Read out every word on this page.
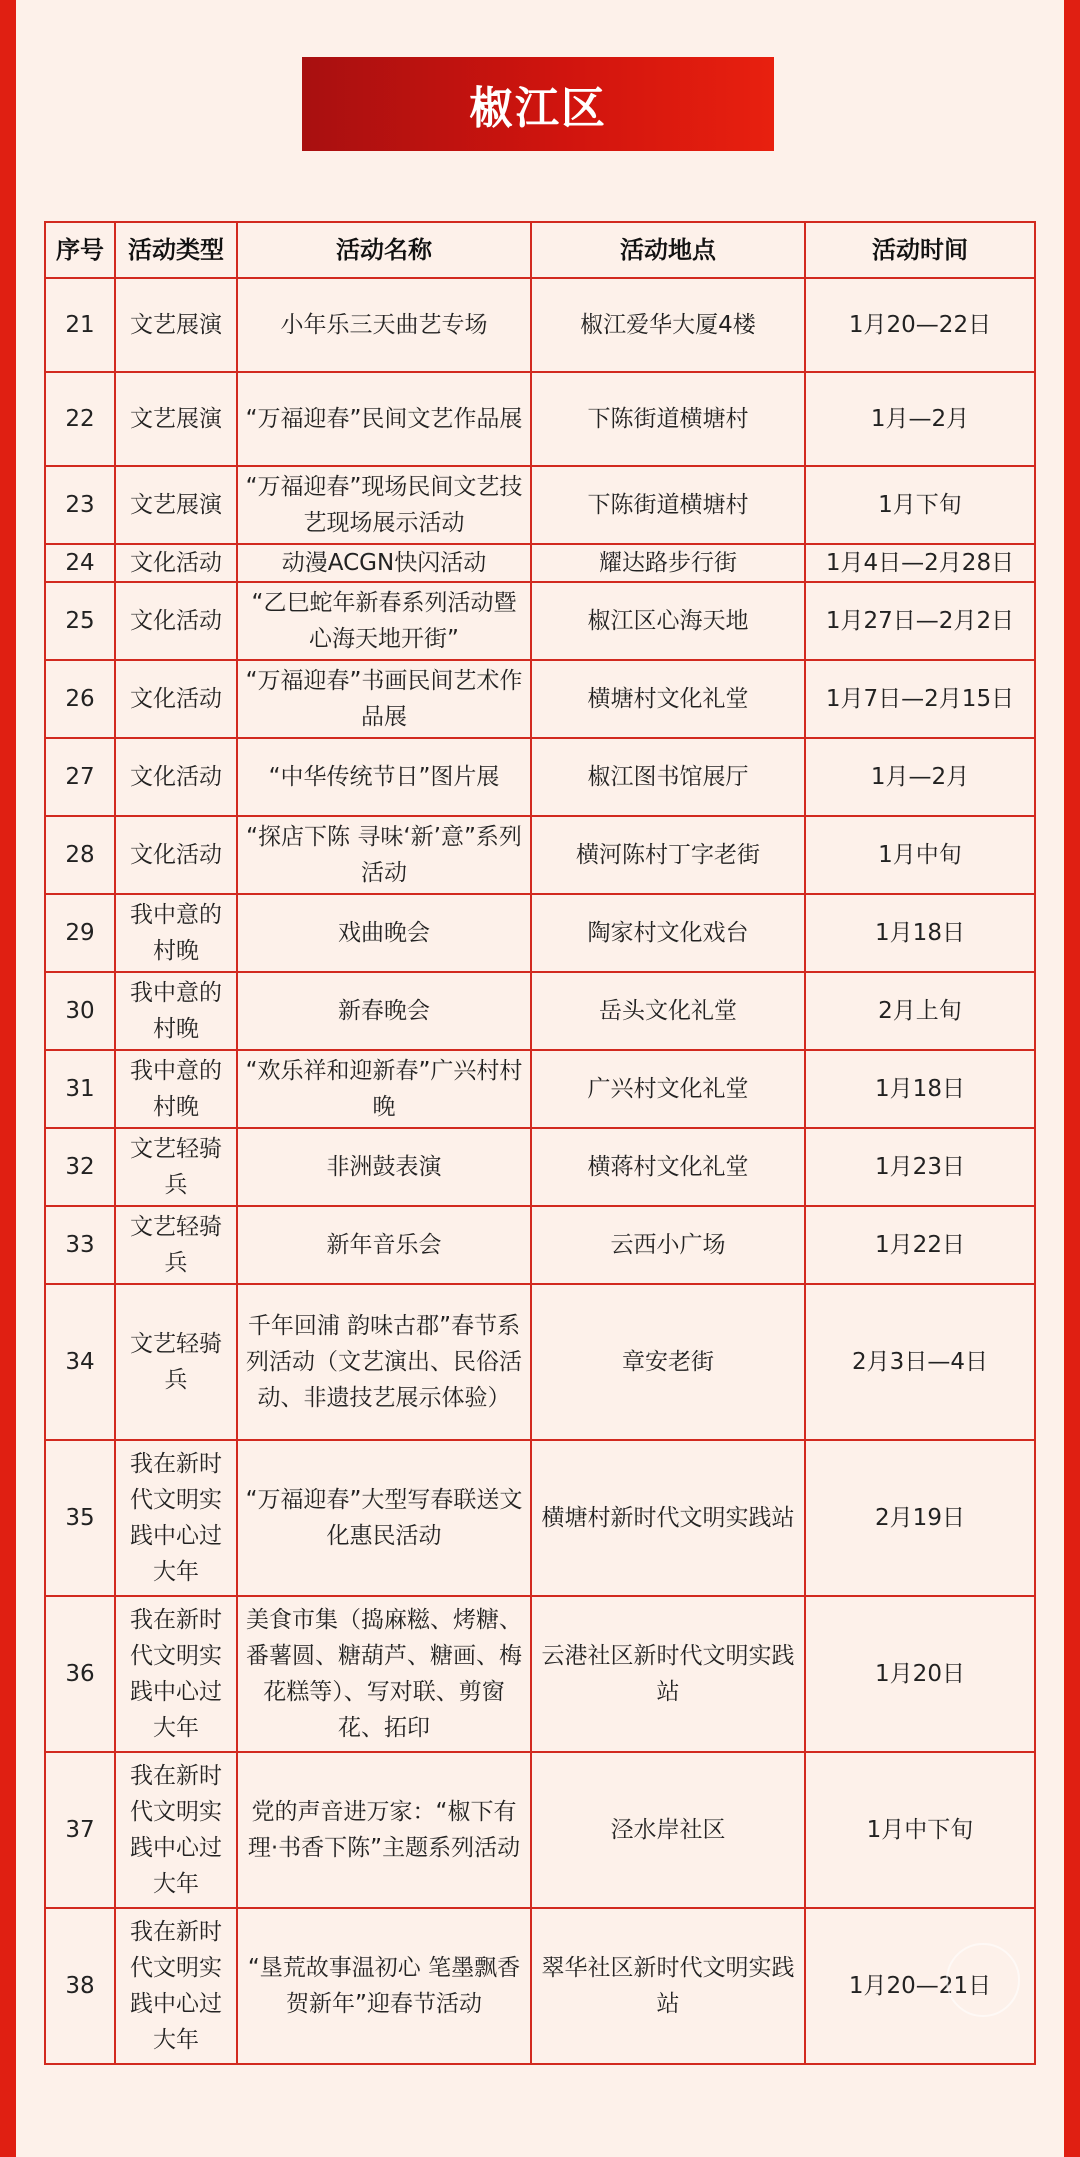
椒江区
序号	活动类型	活动名称	活动地点	活动时间
21	文艺展演	小年乐三天曲艺专场	椒江爱华大厦4楼	1月20—22日
22	文艺展演	“万福迎春”民间文艺作品展	下陈街道横塘村	1月—2月
23	文艺展演	“万福迎春”现场民间文艺技艺现场展示活动	下陈街道横塘村	1月下旬
24	文化活动	动漫ACGN快闪活动	耀达路步行街	1月4日—2月28日
25	文化活动	“乙巳蛇年新春系列活动暨心海天地开街”	椒江区心海天地	1月27日—2月2日
26	文化活动	“万福迎春”书画民间艺术作品展	横塘村文化礼堂	1月7日—2月15日
27	文化活动	“中华传统节日”图片展	椒江图书馆展厅	1月—2月
28	文化活动	“探店下陈 寻味‘新’意”系列活动	横河陈村丁字老街	1月中旬
29	我中意的村晚	戏曲晚会	陶家村文化戏台	1月18日
30	我中意的村晚	新春晚会	岳头文化礼堂	2月上旬
31	我中意的村晚	“欢乐祥和迎新春”广兴村村晚	广兴村文化礼堂	1月18日
32	文艺轻骑兵	非洲鼓表演	横蒋村文化礼堂	1月23日
33	文艺轻骑兵	新年音乐会	云西小广场	1月22日
34	文艺轻骑兵	千年回浦 韵味古郡”春节系列活动（文艺演出、民俗活动、非遗技艺展示体验）	章安老街	2月3日—4日
35	我在新时代文明实践中心过大年	“万福迎春”大型写春联送文化惠民活动	横塘村新时代文明实践站	2月19日
36	我在新时代文明实践中心过大年	美食市集（捣麻糍、烤糖、番薯圆、糖葫芦、糖画、梅花糕等）、写对联、剪窗花、拓印	云港社区新时代文明实践站	1月20日
37	我在新时代文明实践中心过大年	党的声音进万家：“椒下有理·书香下陈”主题系列活动	泾水岸社区	1月中下旬
38	我在新时代文明实践中心过大年	“垦荒故事温初心 笔墨飘香贺新年”迎春节活动	翠华社区新时代文明实践站	1月20—21日
